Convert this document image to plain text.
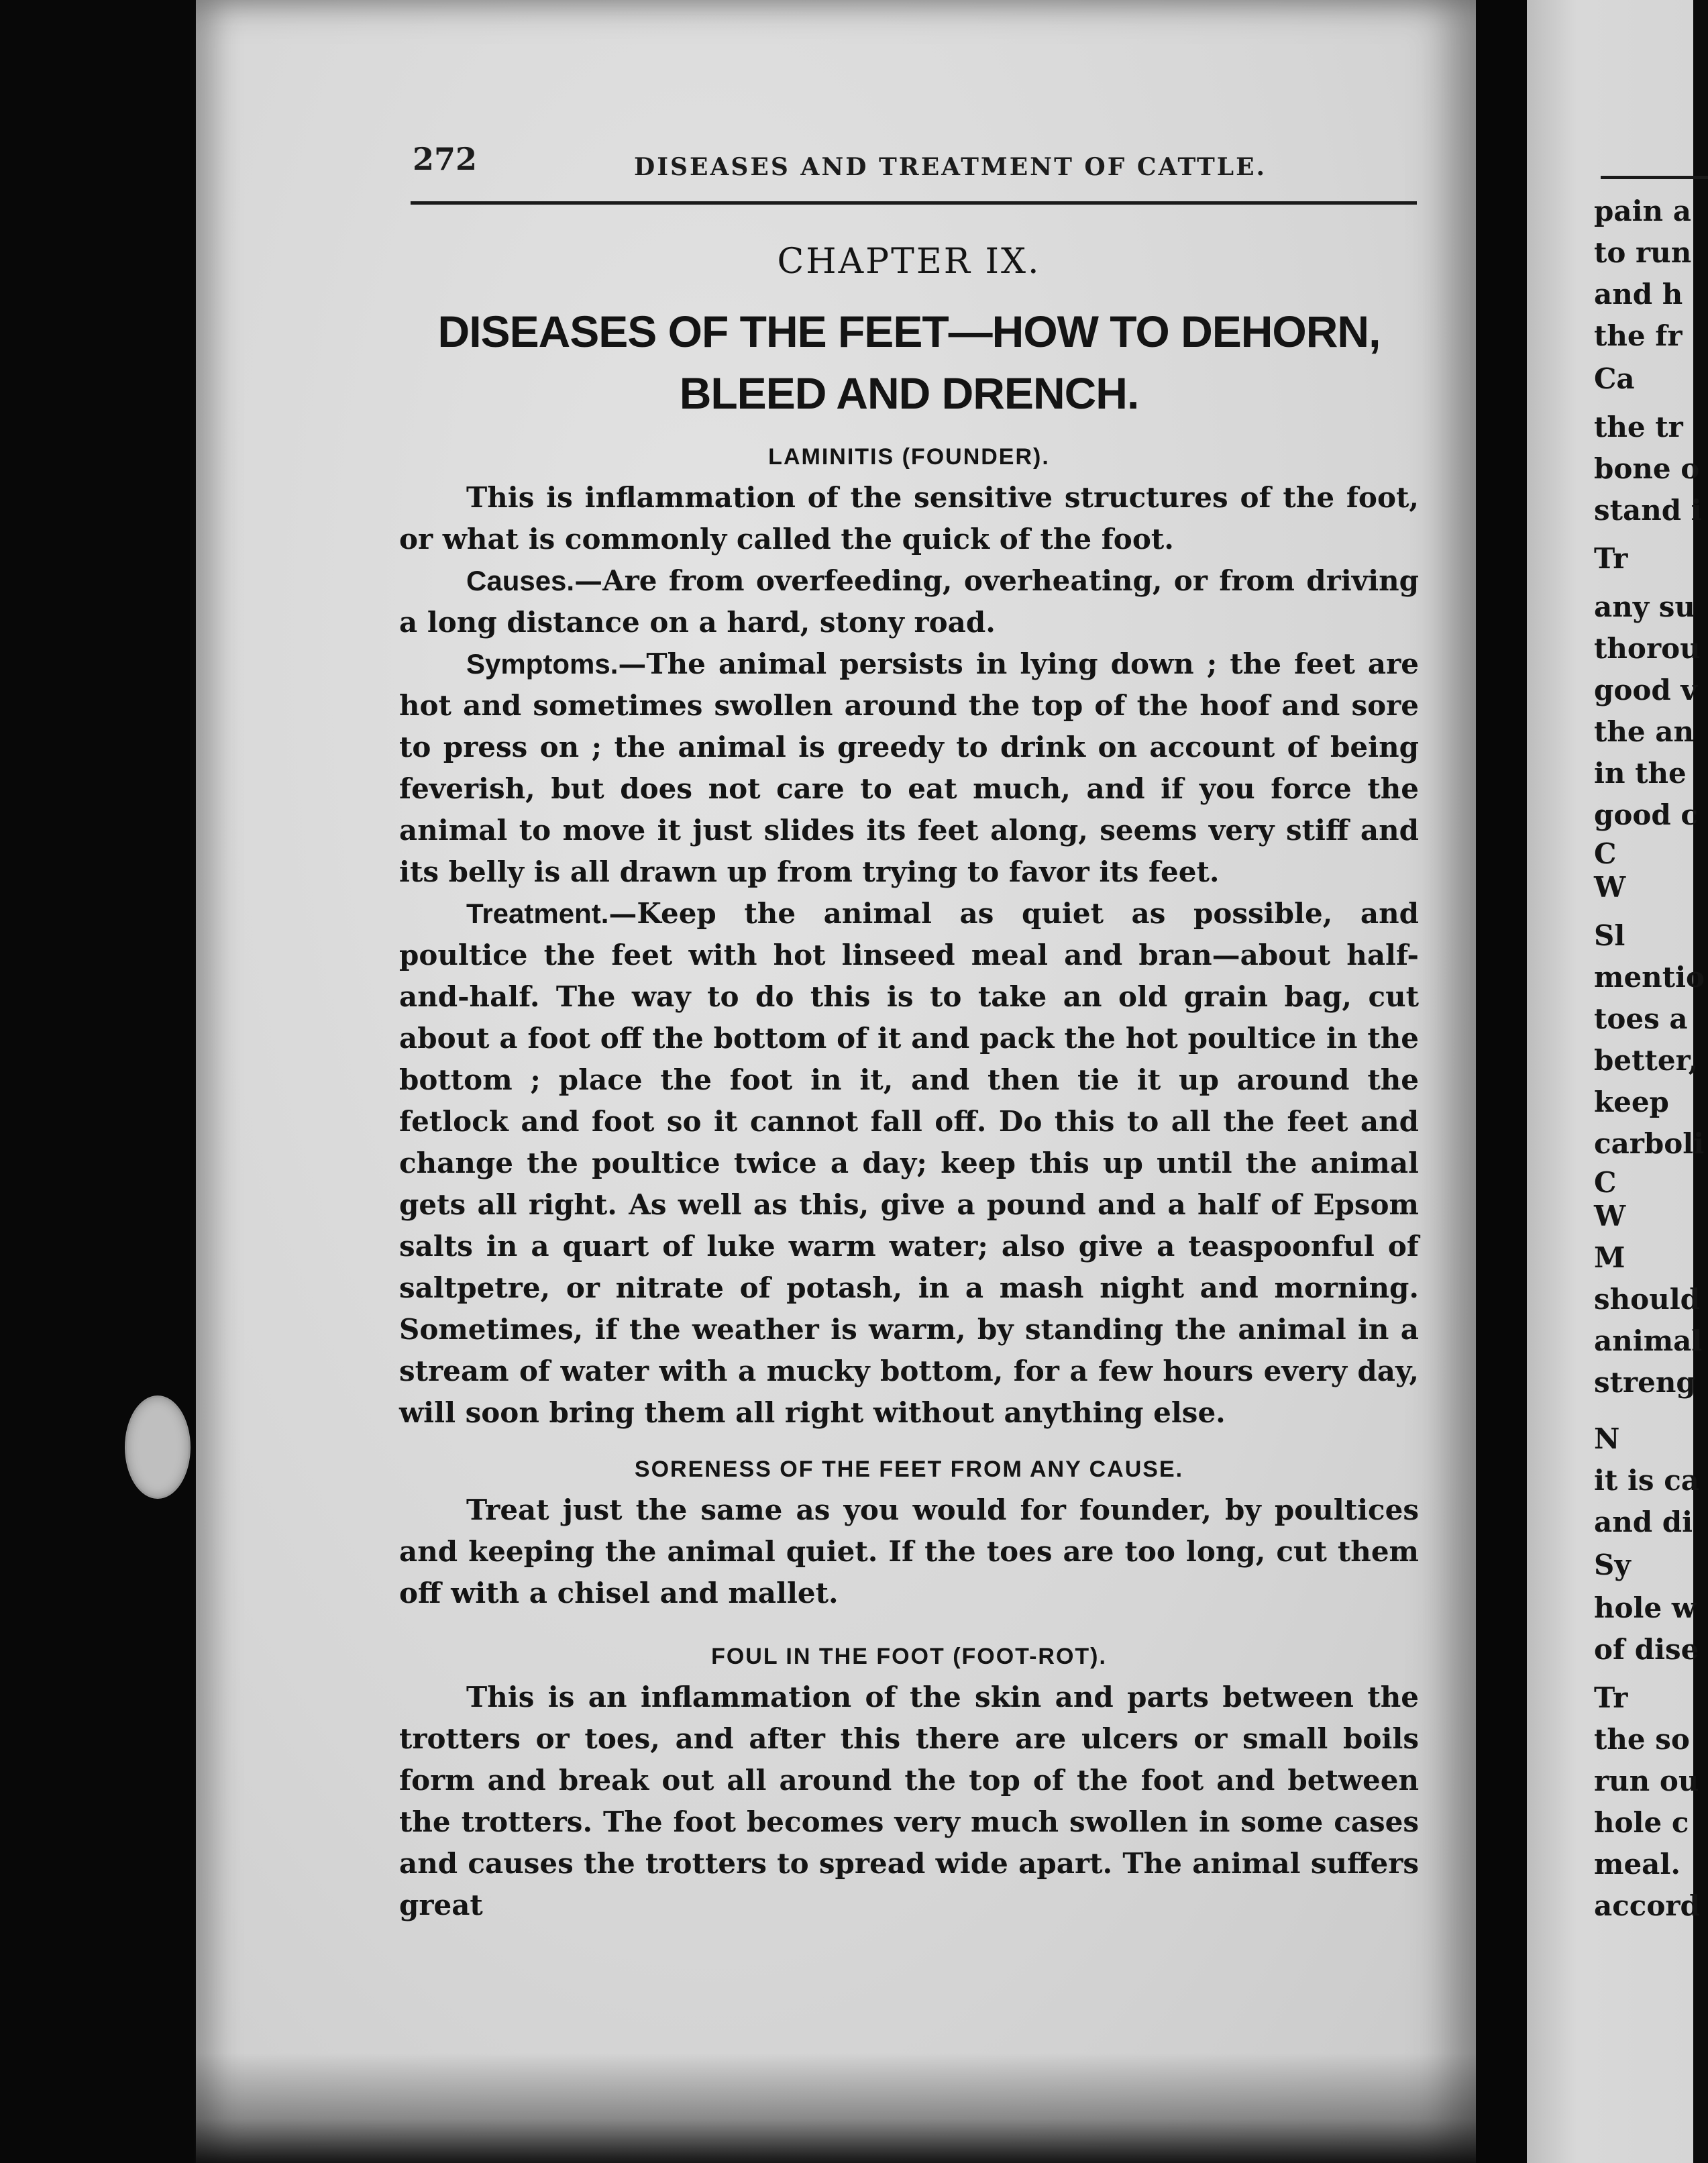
272	DISEASES AND TREATMENT OF CATTLE.
CHAPTER IX.
DISEASES OF THE FEET—HOW TO DEHORN,
BLEED AND DRENCH.
LAMINITIS (FOUNDER).

This is inflammation of the sensitive structures of the foot, or what is commonly called the quick of the foot.

Causes.—Are from overfeeding, overheating, or from driving a long distance on a hard, stony road.

Symptoms.—The animal persists in lying down ; the feet are hot and sometimes swollen around the top of the hoof and sore to press on ; the animal is greedy to drink on account of being feverish, but does not care to eat much, and if you force the animal to move it just slides its feet along, seems very stiff and its belly is all drawn up from trying to favor its feet.

Treatment.—Keep the animal as quiet as possible, and poultice the feet with hot linseed meal and bran—about half-and-half. The way to do this is to take an old grain bag, cut about a foot off the bottom of it and pack the hot poultice in the bottom ; place the foot in it, and then tie it up around the fetlock and foot so it cannot fall off. Do this to all the feet and change the poultice twice a day; keep this up until the animal gets all right. As well as this, give a pound and a half of Epsom salts in a quart of luke warm water; also give a teaspoonful of saltpetre, or nitrate of potash, in a mash night and morning. Sometimes, if the weather is warm, by standing the animal in a stream of water with a mucky bottom, for a few hours every day, will soon bring them all right without anything else.

SORENESS OF THE FEET FROM ANY CAUSE.

Treat just the same as you would for founder, by poultices and keeping the animal quiet. If the toes are too long, cut them off with a chisel and mallet.

FOUL IN THE FOOT (FOOT-ROT).

This is an inflammation of the skin and parts between the trotters or toes, and after this there are ulcers or small boils form and break out all around the top of the foot and between the trotters. The foot becomes very much swollen in some cases and causes the trotters to spread wide apart. The animal suffers great

pain a
to run
and h
the fr
Ca
the tr
bone o
stand i
Tr
any su
thorou
good v
the an
in the
good c
C
W
Sl
mentio
toes a
better,
keep
carboli
C
W
M
should
animal
streng
N
it is ca
and di
Sy
hole w
of dise
Tr
the so
run ou
hole c
meal.
accord
